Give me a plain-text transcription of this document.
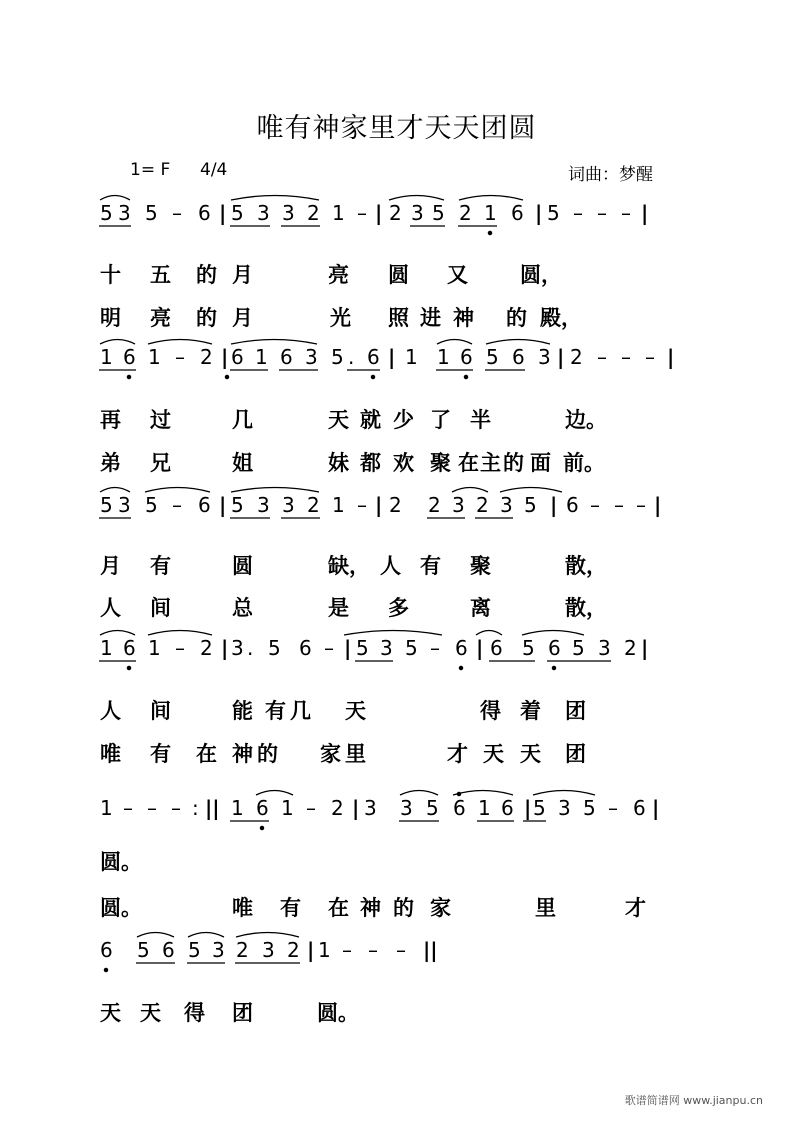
唯有神家里才天天团圆
1= F 4/4	词曲：梦醒
5 3 5 – 6 | 5 3 3 2 1 – | 2 3 5 2 1 6 | 5 – – – |
1 6 1 – 2 | 6 1 6 3 5 . 6 | 1 1 6 5 6 3 | 2 – – – |
5 3 5 – 6 | 5 3 3 2 1 – | 2 2 3 2 3 5 | 6 – – – |
1 6 1 – 2 | 3 . 5 6 – | 5 3 5 – 6 | 6 5 6 5 3 2 |
1 – – – : || 1 6 1 – 2 | 3 3 5 6 1 6 | 5 3 5 – 6 |
6 5 6 5 3 2 3 2 | 1 – – – ||
十 五 的 月	亮 圆 又 圆，
明 亮 的 月	光 照 进 神 的 殿，
再 过	几	天 就 少 了 半	边。
弟 兄	姐	妹 都 欢 聚 在 主 的 面 前。
月 有	圆	缺， 人 有 聚	散，
人 间	总	是 多	离	散，
人 间	能 有 几 天	得 着 团
唯 有 在 神 的 家 里	才 天 天 团
圆。
圆。	唯 有 在 神 的 家	里	才
天 天 得 团	圆。
歌谱简谱网 www.jianpu.cn
